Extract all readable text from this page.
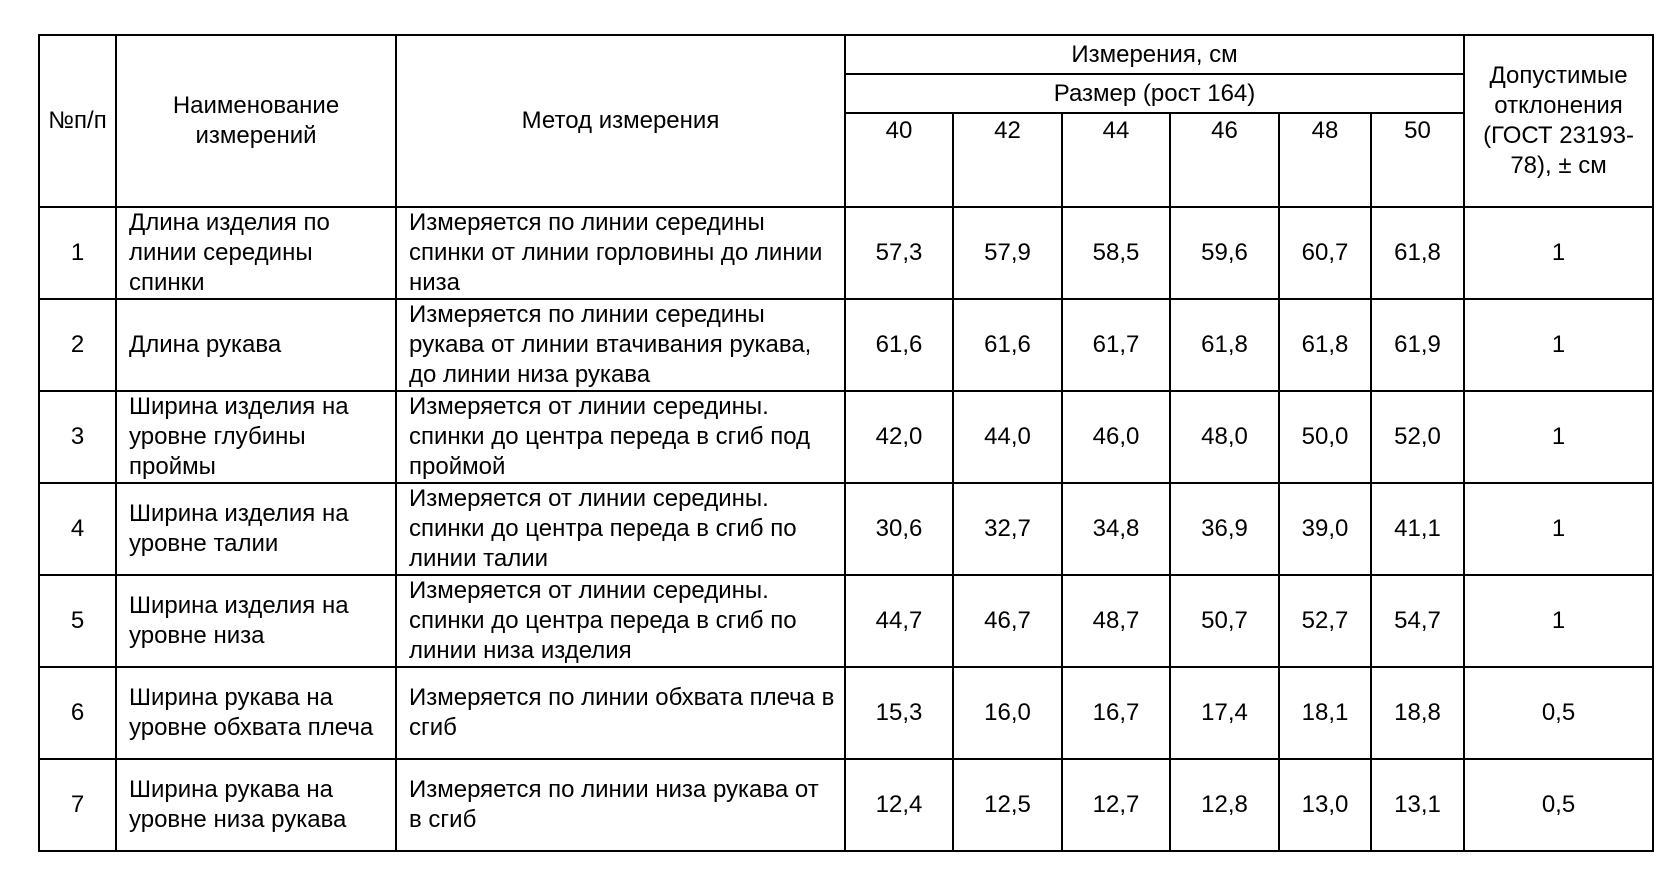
№п/п	Наименование измерений	Метод измерения	Измерения, см						Допустимые отклонения (ГОСТ 23193-78), ± см
			Размер (рост 164)						
			40	42	44	46	48	50	
1	Длина изделия по линии середины спинки	Измеряется по линии середины спинки от линии горловины до линии низа	57,3	57,9	58,5	59,6	60,7	61,8	1
2	Длина рукава	Измеряется по линии середины рукава от линии втачивания рукава, до линии низа рукава	61,6	61,6	61,7	61,8	61,8	61,9	1
3	Ширина изделия на уровне глубины проймы	Измеряется от линии середины. спинки до центра переда в сгиб под проймой	42,0	44,0	46,0	48,0	50,0	52,0	1
4	Ширина изделия на уровне талии	Измеряется от линии середины. спинки до центра переда в сгиб по линии талии	30,6	32,7	34,8	36,9	39,0	41,1	1
5	Ширина изделия на уровне низа	Измеряется от линии середины. спинки до центра переда в сгиб по линии низа изделия	44,7	46,7	48,7	50,7	52,7	54,7	1
6	Ширина рукава на уровне обхвата плеча	Измеряется по линии обхвата плеча в сгиб	15,3	16,0	16,7	17,4	18,1	18,8	0,5
7	Ширина рукава на уровне низа рукава	Измеряется по линии низа рукава от в сгиб	12,4	12,5	12,7	12,8	13,0	13,1	0,5
